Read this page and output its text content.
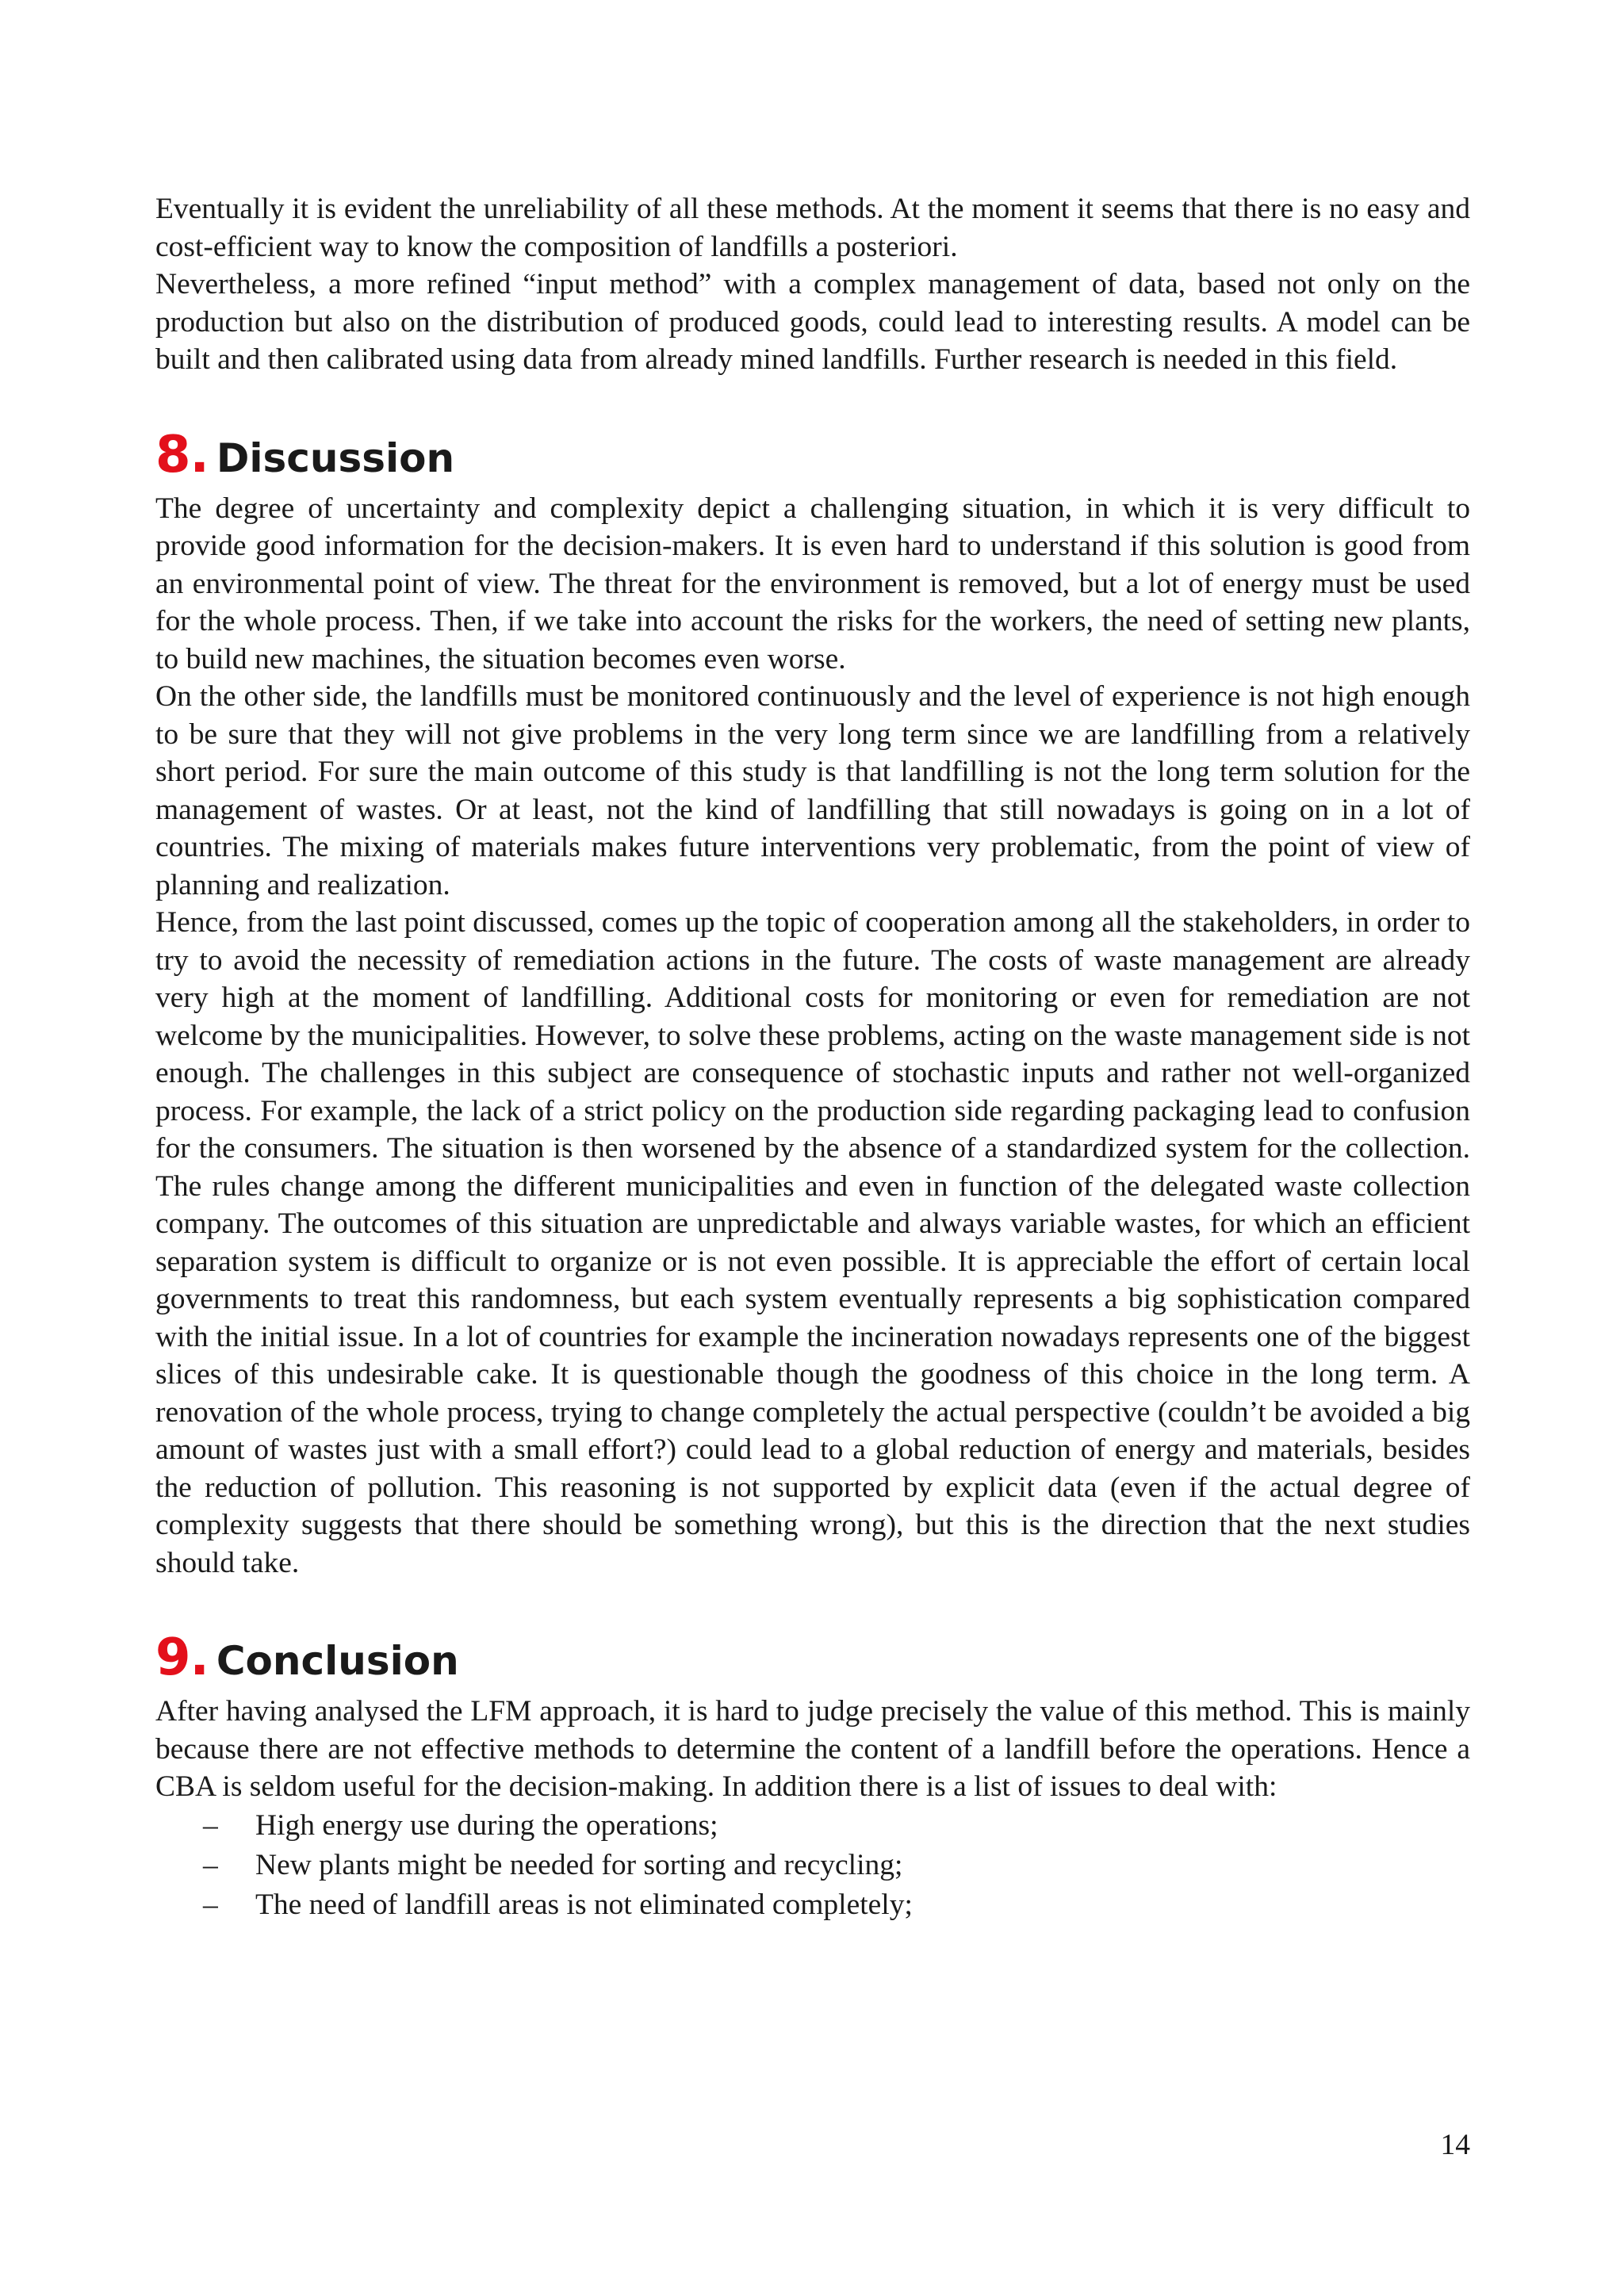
Eventually it is evident the unreliability of all these methods. At the moment it seems that there is no easy and cost-efficient way to know the composition of landfills a posteriori.

Nevertheless, a more refined “input method” with a complex management of data, based not only on the production but also on the distribution of produced goods, could lead to interesting results. A model can be built and then calibrated using data from already mined landfills. Further research is needed in this field.

8. Discussion

The degree of uncertainty and complexity depict a challenging situation, in which it is very difficult to provide good information for the decision-makers. It is even hard to understand if this solution is good from an environmental point of view. The threat for the environment is removed, but a lot of energy must be used for the whole process. Then, if we take into account the risks for the workers, the need of setting new plants, to build new machines, the situation becomes even worse.

On the other side, the landfills must be monitored continuously and the level of experience is not high enough to be sure that they will not give problems in the very long term since we are landfilling from a relatively short period. For sure the main outcome of this study is that landfilling is not the long term solution for the management of wastes. Or at least, not the kind of landfilling that still nowadays is going on in a lot of countries. The mixing of materials makes future interventions very problematic, from the point of view of planning and realization.

Hence, from the last point discussed, comes up the topic of cooperation among all the stakeholders, in order to try to avoid the necessity of remediation actions in the future. The costs of waste management are already very high at the moment of landfilling. Additional costs for monitoring or even for remediation are not welcome by the municipalities. However, to solve these problems, acting on the waste management side is not enough. The challenges in this subject are consequence of stochastic inputs and rather not well-organized process. For example, the lack of a strict policy on the production side regarding packaging lead to confusion for the consumers. The situation is then worsened by the absence of a standardized system for the collection. The rules change among the different municipalities and even in function of the delegated waste collection company. The outcomes of this situation are unpredictable and always variable wastes, for which an efficient separation system is difficult to organize or is not even possible. It is appreciable the effort of certain local governments to treat this randomness, but each system eventually represents a big sophistication compared with the initial issue. In a lot of countries for example the incineration nowadays represents one of the biggest slices of this undesirable cake. It is questionable though the goodness of this choice in the long term. A renovation of the whole process, trying to change completely the actual perspective (couldn’t be avoided a big amount of wastes just with a small effort?) could lead to a global reduction of energy and materials, besides the reduction of pollution. This reasoning is not supported by explicit data (even if the actual degree of complexity suggests that there should be something wrong), but this is the direction that the next studies should take.

9. Conclusion

After having analysed the LFM approach, it is hard to judge precisely the value of this method. This is mainly because there are not effective methods to determine the content of a landfill before the operations. Hence a CBA is seldom useful for the decision-making. In addition there is a list of issues to deal with:

–	High energy use during the operations;
–	New plants might be needed for sorting and recycling;
–	The need of landfill areas is not eliminated completely;
14
